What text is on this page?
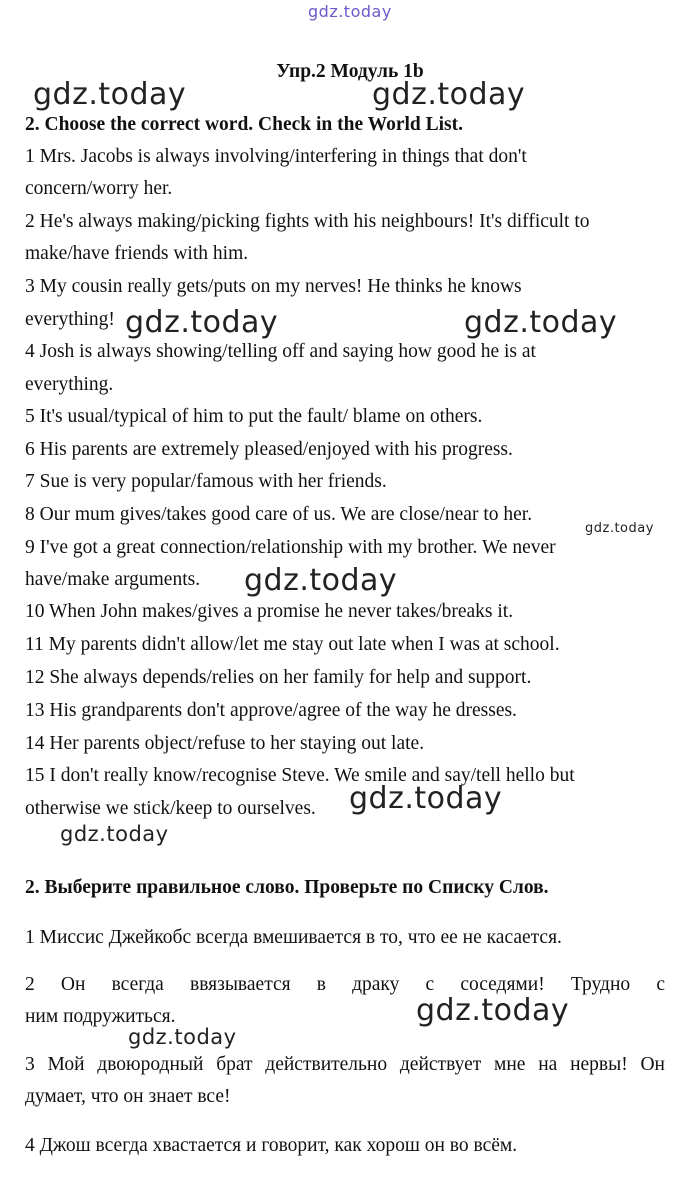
gdz.today
Упр.2 Модуль 1b
2. Choose the correct word. Check in the World List.
1 Mrs. Jacobs is always involving/interfering in things that don't
concern/worry her.
2 He's always making/picking fights with his neighbours! It's difficult to
make/have friends with him.
3 My cousin really gets/puts on my nerves! He thinks he knows
everything!
4 Josh is always showing/telling off and saying how good he is at
everything.
5 It's usual/typical of him to put the fault/ blame on others.
6 His parents are extremely pleased/enjoyed with his progress.
7 Sue is very popular/famous with her friends.
8 Our mum gives/takes good care of us. We are close/near to her.
9 I've got a great connection/relationship with my brother. We never
have/make arguments.
10 When John makes/gives a promise he never takes/breaks it.
11 My parents didn't allow/let me stay out late when I was at school.
12 She always depends/relies on her family for help and support.
13 His grandparents don't approve/agree of the way he dresses.
14 Her parents object/refuse to her staying out late.
15 I don't really know/recognise Steve. We smile and say/tell hello but
otherwise we stick/keep to ourselves.
2. Выберите правильное слово. Проверьте по Списку Слов.
1 Миссис Джейкобс всегда вмешивается в то, что ее не касается.
2 Он всегда ввязывается в драку с соседями! Трудно с
ним подружиться.
3 Мой двоюродный брат действительно действует мне на нервы! Он
думает, что он знает все!
4 Джош всегда хвастается и говорит, как хорош он во всём.
gdz.today	gdz.today
gdz.today	gdz.today
gdz.today
gdz.today
gdz.today
gdz.today
gdz.today
gdz.today
